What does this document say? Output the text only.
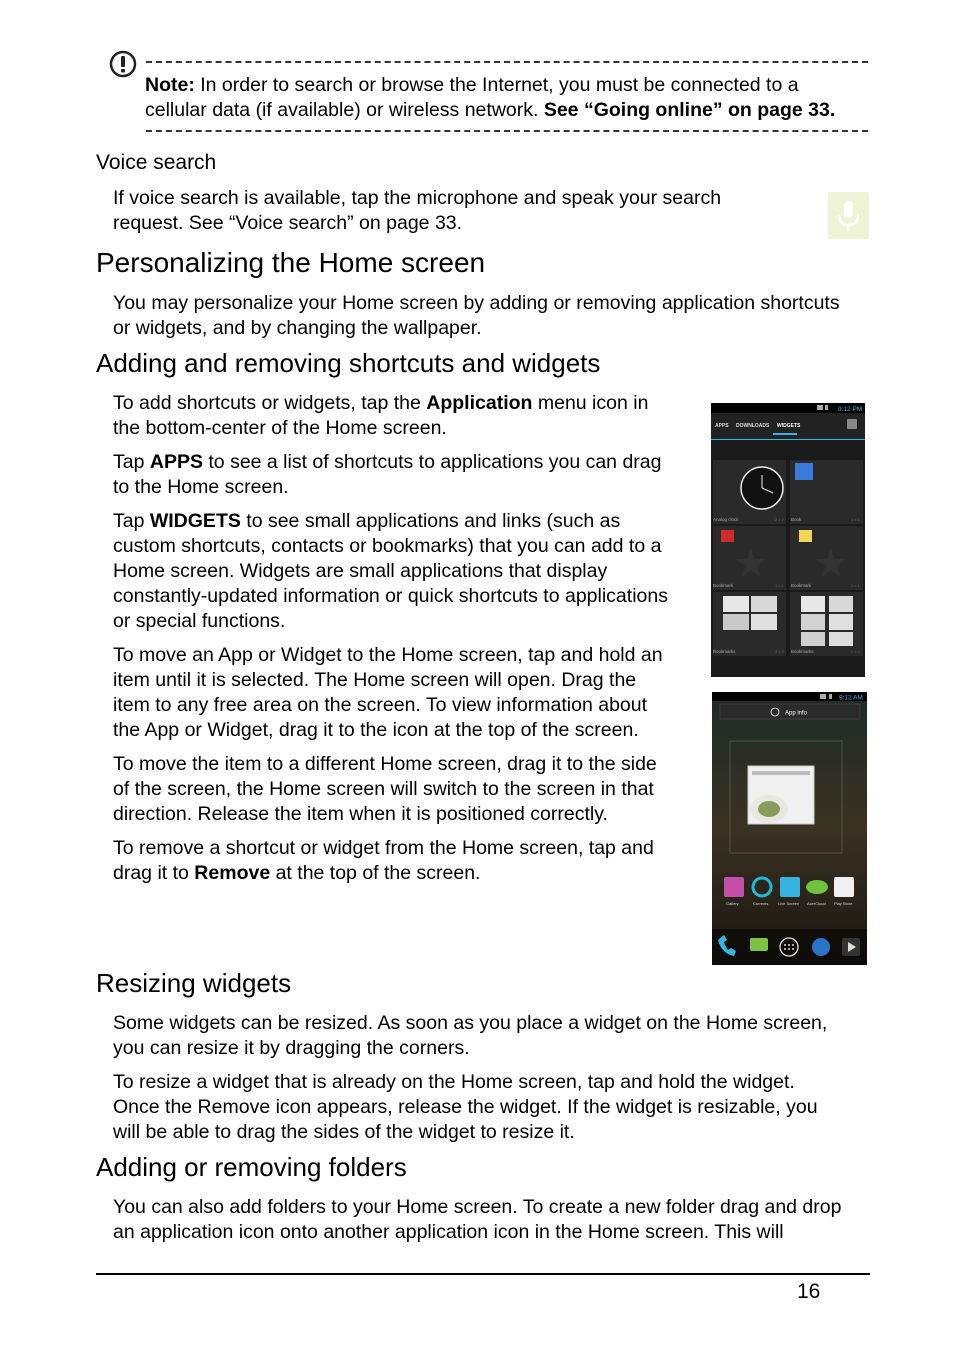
Note: In order to search or browse the Internet, you must be connected to a
cellular data (if available) or wireless network. See “Going online” on page 33.
Voice search
If voice search is available, tap the microphone and speak your search
request. See “Voice search” on page 33.
Personalizing the Home screen
You may personalize your Home screen by adding or removing application shortcuts
or widgets, and by changing the wallpaper.
Adding and removing shortcuts and widgets
To add shortcuts or widgets, tap the Application menu icon in
the bottom-center of the Home screen.
Tap APPS to see a list of shortcuts to applications you can drag
to the Home screen.
Tap WIDGETS to see small applications and links (such as
custom shortcuts, contacts or bookmarks) that you can add to a
Home screen. Widgets are small applications that display
constantly-updated information or quick shortcuts to applications
or special functions.
To move an App or Widget to the Home screen, tap and hold an
item until it is selected. The Home screen will open. Drag the
item to any free area on the screen. To view information about
the App or Widget, drag it to the icon at the top of the screen.
To move the item to a different Home screen, drag it to the side
of the screen, the Home screen will switch to the screen in that
direction. Release the item when it is positioned correctly.
To remove a shortcut or widget from the Home screen, tap and
drag it to Remove at the top of the screen.
9:12 PM
APPS DOWNLOADS WIDGETS
Analog clock	2 x 2 Book	1 x 1
Bookmark	1 x 1 Bookmark	1 x 1
Bookmarks	3 x 3 Bookmarks	2 x 2
9:12 AM
App info
Gallery	Currents Live Screen AcerCloud Play Store
Resizing widgets
Some widgets can be resized. As soon as you place a widget on the Home screen,
you can resize it by dragging the corners.
To resize a widget that is already on the Home screen, tap and hold the widget.
Once the Remove icon appears, release the widget. If the widget is resizable, you
will be able to drag the sides of the widget to resize it.
Adding or removing folders
You can also add folders to your Home screen. To create a new folder drag and drop
an application icon onto another application icon in the Home screen. This will
16
